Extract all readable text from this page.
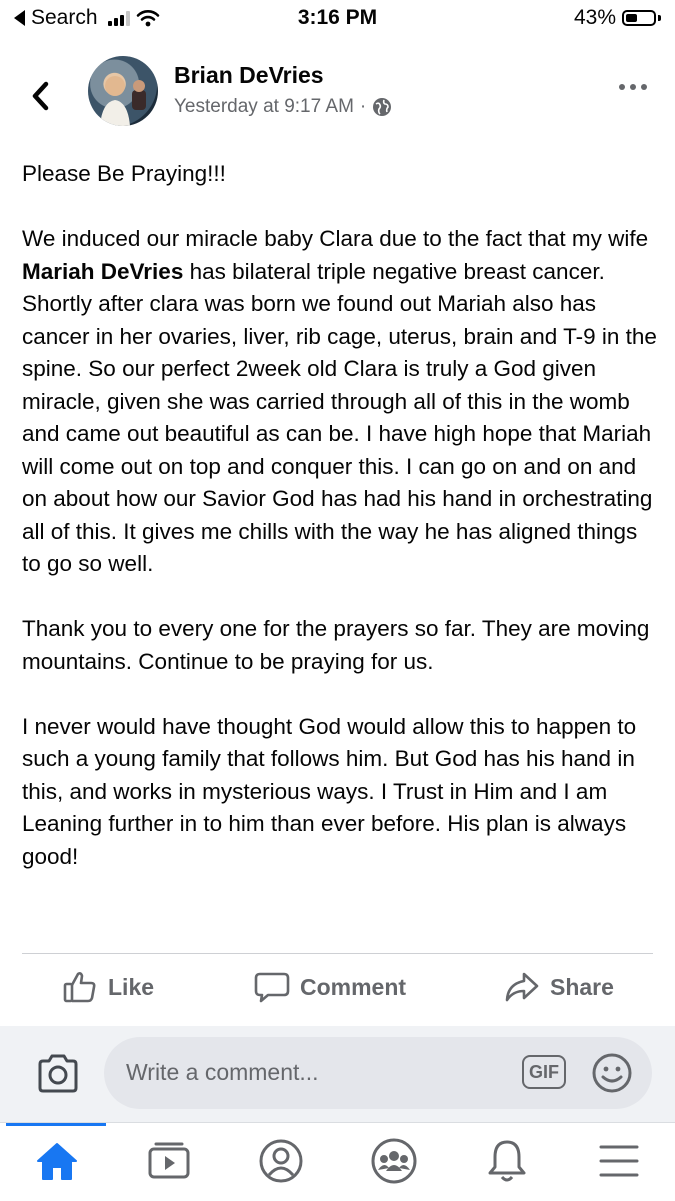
Search	3:16 PM	43%
Brian DeVries
Yesterday at 9:17 AM ·

Please Be Praying!!!

We induced our miracle baby Clara due to the fact that my wife Mariah DeVries has bilateral triple negative breast cancer. Shortly after clara was born we found out Mariah also has cancer in her ovaries, liver, rib cage, uterus, brain and T-9 in the spine. So our perfect 2week old Clara is truly a God given miracle, given she was carried through all of this in the womb and came out beautiful as can be. I have high hope that Mariah will come out on top and conquer this. I can go on and on and on about how our Savior God has had his hand in orchestrating all of this. It gives me chills with the way he has aligned things to go so well.

Thank you to every one for the prayers so far. They are moving mountains. Continue to be praying for us.

I never would have thought God would allow this to happen to such a young family that follows him. But God has his hand in this, and works in mysterious ways. I Trust in Him and I am Leaning further in to him than ever before. His plan is always good!

Like	Comment	Share
Write a comment...	GIF
